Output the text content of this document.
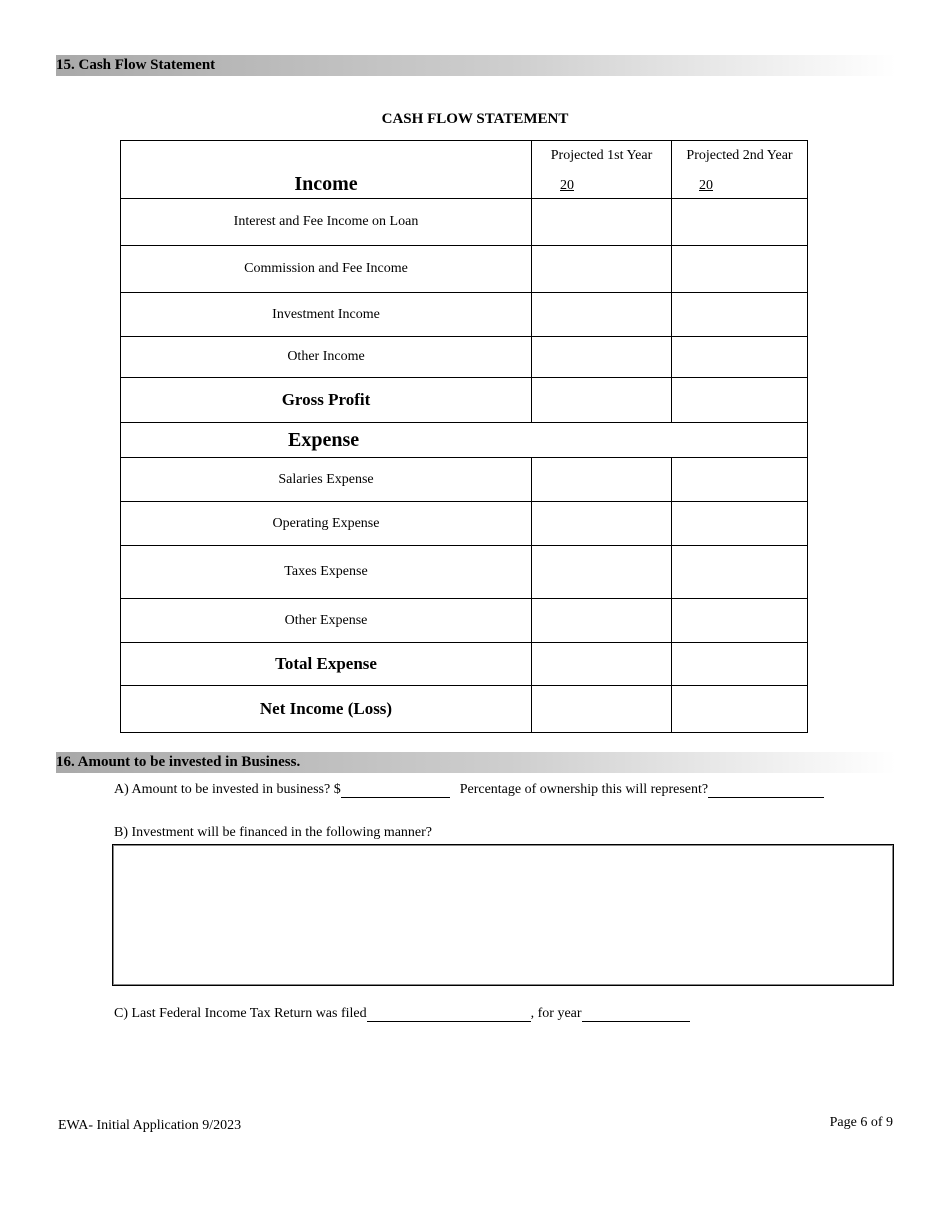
15. Cash Flow Statement
CASH FLOW STATEMENT
	Projected 1st Year	Projected 2nd Year
Income	20	20
Interest and Fee Income on Loan		
Commission and Fee Income		
Investment Income		
Other Income		
Gross Profit		
Expense		
Salaries Expense		
Operating Expense		
Taxes Expense		
Other Expense		
Total Expense		
Net Income (Loss)		
16. Amount to be invested in Business.
A) Amount to be invested in business? $	Percentage of ownership this will represent?
B) Investment will be financed in the following manner?
C) Last Federal Income Tax Return was filed	, for year
EWA- Initial Application 9/2023	Page 6 of 9
